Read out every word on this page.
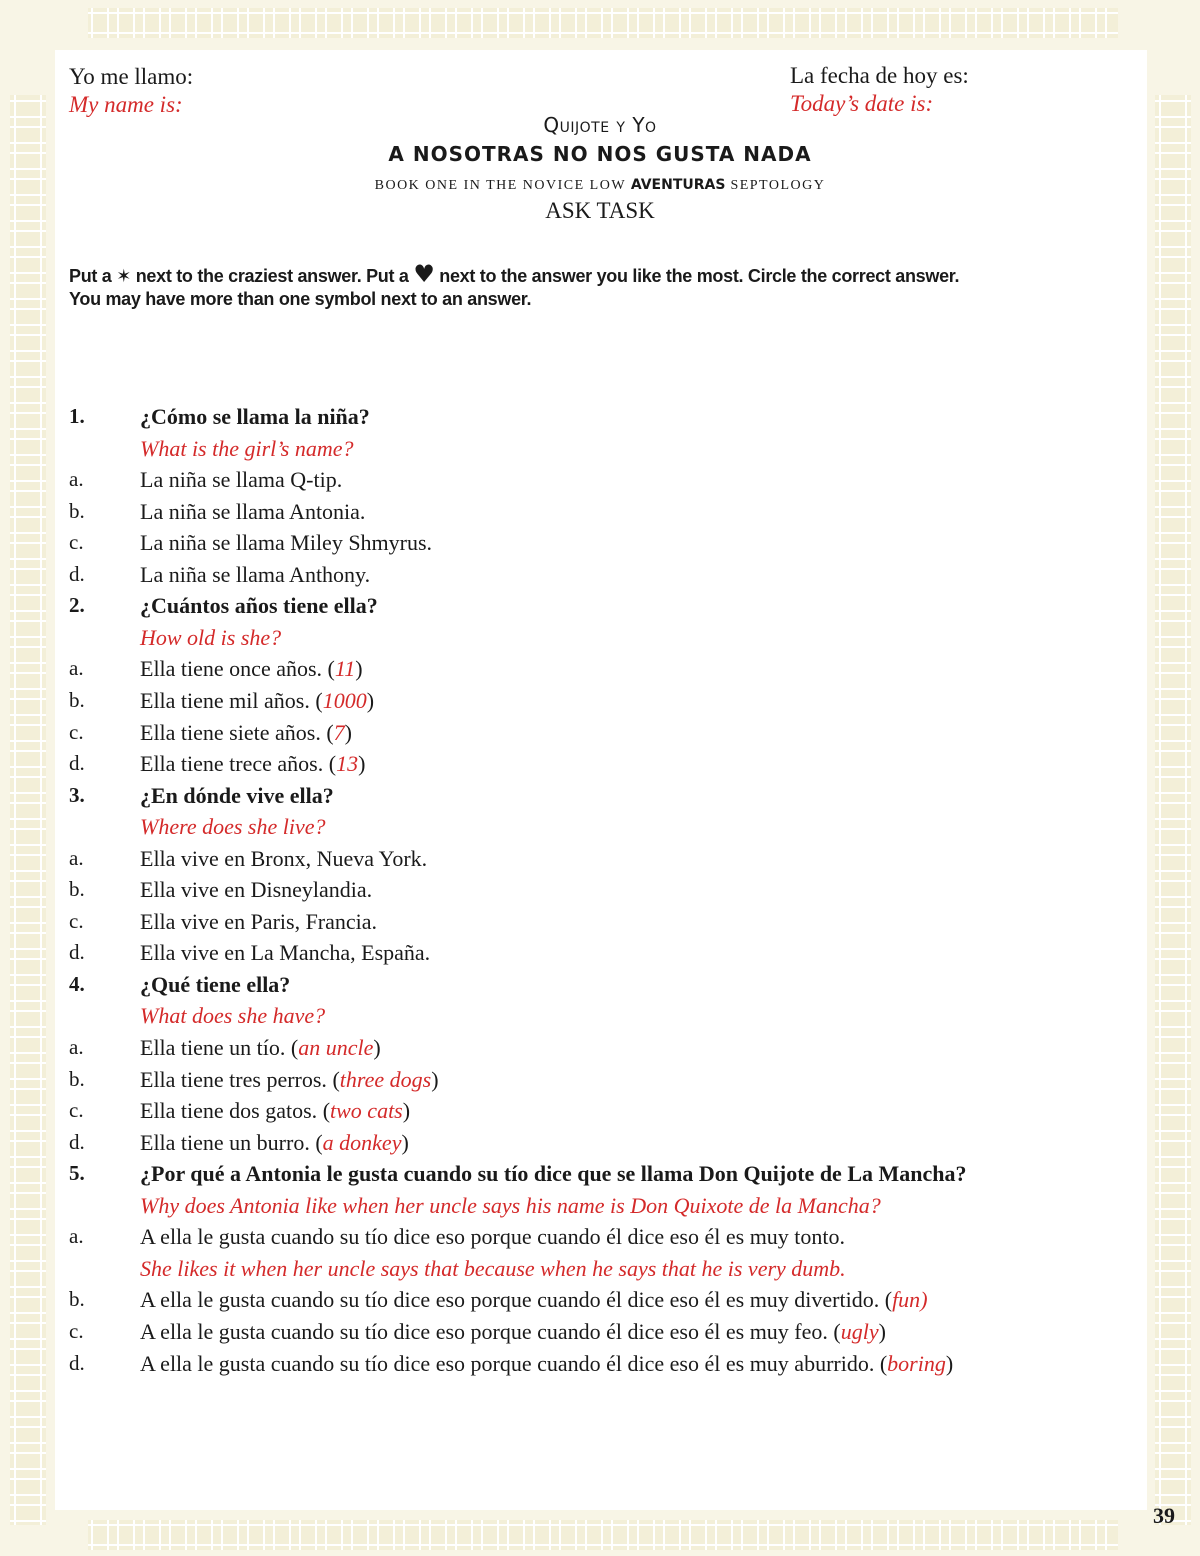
Yo me llamo:
My name is:
La fecha de hoy es:
Today’s date is:
Quijote y Yo
A NOSOTRAS NO NOS GUSTA NADA
BOOK ONE IN THE NOVICE LOW AVENTURAS SEPTOLOGY
ASK TASK
Put a ✶ next to the craziest answer. Put a ♥ next to the answer you like the most. Circle the correct answer.
You may have more than one symbol next to an answer.
1.	¿Cómo se llama la niña?
What is the girl’s name?
a.	La niña se llama Q-tip.
b.	La niña se llama Antonia.
c.	La niña se llama Miley Shmyrus.
d.	La niña se llama Anthony.
2.	¿Cuántos años tiene ella?
How old is she?
a.	Ella tiene once años. (11)
b.	Ella tiene mil años. (1000)
c.	Ella tiene siete años. (7)
d.	Ella tiene trece años. (13)
3.	¿En dónde vive ella?
Where does she live?
a.	Ella vive en Bronx, Nueva York.
b.	Ella vive en Disneylandia.
c.	Ella vive en Paris, Francia.
d.	Ella vive en La Mancha, España.
4.	¿Qué tiene ella?
What does she have?
a.	Ella tiene un tío. (an uncle)
b.	Ella tiene tres perros. (three dogs)
c.	Ella tiene dos gatos. (two cats)
d.	Ella tiene un burro. (a donkey)
5.	¿Por qué a Antonia le gusta cuando su tío dice que se llama Don Quijote de La Mancha?
Why does Antonia like when her uncle says his name is Don Quixote de la Mancha?
a.	A ella le gusta cuando su tío dice eso porque cuando él dice eso él es muy tonto.
She likes it when her uncle says that because when he says that he is very dumb.
b.	A ella le gusta cuando su tío dice eso porque cuando él dice eso él es muy divertido. (fun)
c.	A ella le gusta cuando su tío dice eso porque cuando él dice eso él es muy feo. (ugly)
d.	A ella le gusta cuando su tío dice eso porque cuando él dice eso él es muy aburrido. (boring)
39
